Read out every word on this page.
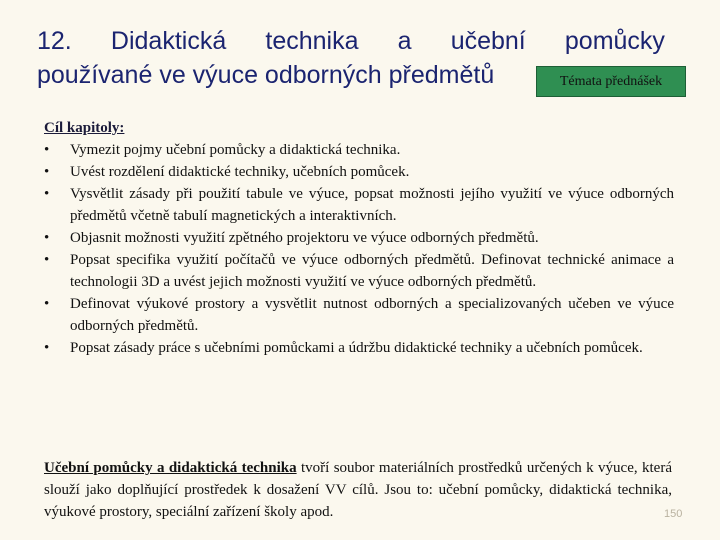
12. Didaktická technika a učební pomůcky
používané ve výuce odborných předmětů	Témata přednášek
Cíl kapitoly:
• Vymezit pojmy učební pomůcky a didaktická technika.
• Uvést rozdělení didaktické techniky, učebních pomůcek.
• Vysvětlit zásady při použití tabule ve výuce, popsat možnosti jejího využití ve výuce odborných předmětů včetně tabulí magnetických a interaktivních.
• Objasnit možnosti využití zpětného projektoru ve výuce odborných předmětů.
• Popsat specifika využití počítačů ve výuce odborných předmětů. Definovat technické animace a technologii 3D a uvést jejich možnosti využití ve výuce odborných předmětů.
• Definovat výukové prostory a vysvětlit nutnost odborných a specializovaných učeben ve výuce odborných předmětů.
• Popsat zásady práce s učebními pomůckami a údržbu didaktické techniky a učebních pomůcek.
Učební pomůcky a didaktická technika tvoří soubor materiálních prostředků určených k výuce, která slouží jako doplňující prostředek k dosažení VV cílů. Jsou to: učební pomůcky, didaktická technika, výukové prostory, speciální zařízení školy apod.	150
